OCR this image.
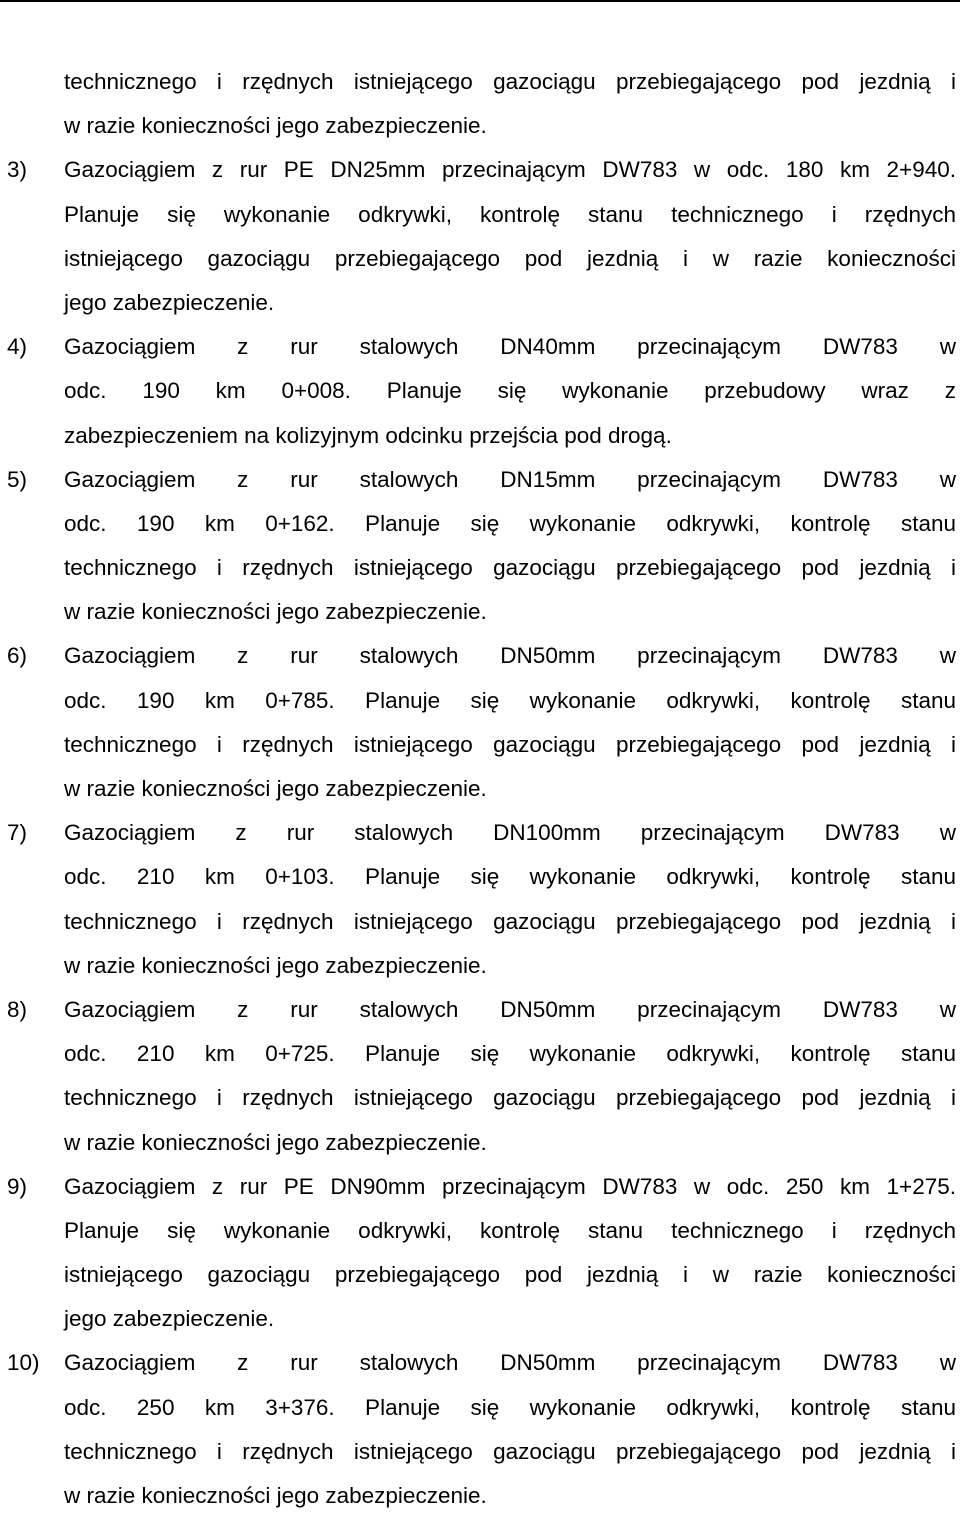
technicznego i rzędnych istniejącego gazociągu przebiegającego pod jezdnią i
w razie konieczności jego zabezpieczenie.
3) Gazociągiem z rur PE DN25mm przecinającym DW783 w odc. 180 km 2+940.
Planuje się wykonanie odkrywki, kontrolę stanu technicznego i rzędnych
istniejącego gazociągu przebiegającego pod jezdnią i w razie konieczności
jego zabezpieczenie.
4) Gazociągiem z rur stalowych DN40mm przecinającym DW783 w
odc. 190 km 0+008. Planuje się wykonanie przebudowy wraz z
zabezpieczeniem na kolizyjnym odcinku przejścia pod drogą.
5) Gazociągiem z rur stalowych DN15mm przecinającym DW783 w
odc. 190 km 0+162. Planuje się wykonanie odkrywki, kontrolę stanu
technicznego i rzędnych istniejącego gazociągu przebiegającego pod jezdnią i
w razie konieczności jego zabezpieczenie.
6) Gazociągiem z rur stalowych DN50mm przecinającym DW783 w
odc. 190 km 0+785. Planuje się wykonanie odkrywki, kontrolę stanu
technicznego i rzędnych istniejącego gazociągu przebiegającego pod jezdnią i
w razie konieczności jego zabezpieczenie.
7) Gazociągiem z rur stalowych DN100mm przecinającym DW783 w
odc. 210 km 0+103. Planuje się wykonanie odkrywki, kontrolę stanu
technicznego i rzędnych istniejącego gazociągu przebiegającego pod jezdnią i
w razie konieczności jego zabezpieczenie.
8) Gazociągiem z rur stalowych DN50mm przecinającym DW783 w
odc. 210 km 0+725. Planuje się wykonanie odkrywki, kontrolę stanu
technicznego i rzędnych istniejącego gazociągu przebiegającego pod jezdnią i
w razie konieczności jego zabezpieczenie.
9) Gazociągiem z rur PE DN90mm przecinającym DW783 w odc. 250 km 1+275.
Planuje się wykonanie odkrywki, kontrolę stanu technicznego i rzędnych
istniejącego gazociągu przebiegającego pod jezdnią i w razie konieczności
jego zabezpieczenie.
10) Gazociągiem z rur stalowych DN50mm przecinającym DW783 w
odc. 250 km 3+376. Planuje się wykonanie odkrywki, kontrolę stanu
technicznego i rzędnych istniejącego gazociągu przebiegającego pod jezdnią i
w razie konieczności jego zabezpieczenie.
